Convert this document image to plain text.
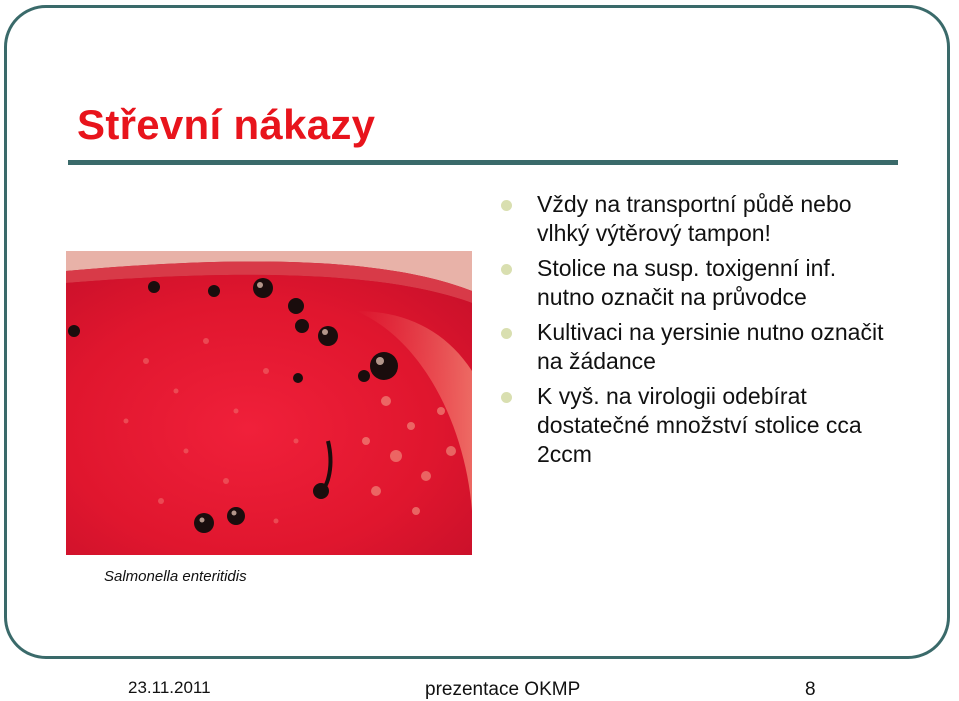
Střevní nákazy
Vždy na transportní půdě nebo vlhký výtěrový tampon!
Stolice na susp. toxigenní inf. nutno označit na průvodce
Kultivaci na yersinie nutno označit na žádance
K vyš. na virologii odebírat dostatečné množství stolice cca 2ccm
Salmonella enteritidis
23.11.2011	prezentace OKMP	8
